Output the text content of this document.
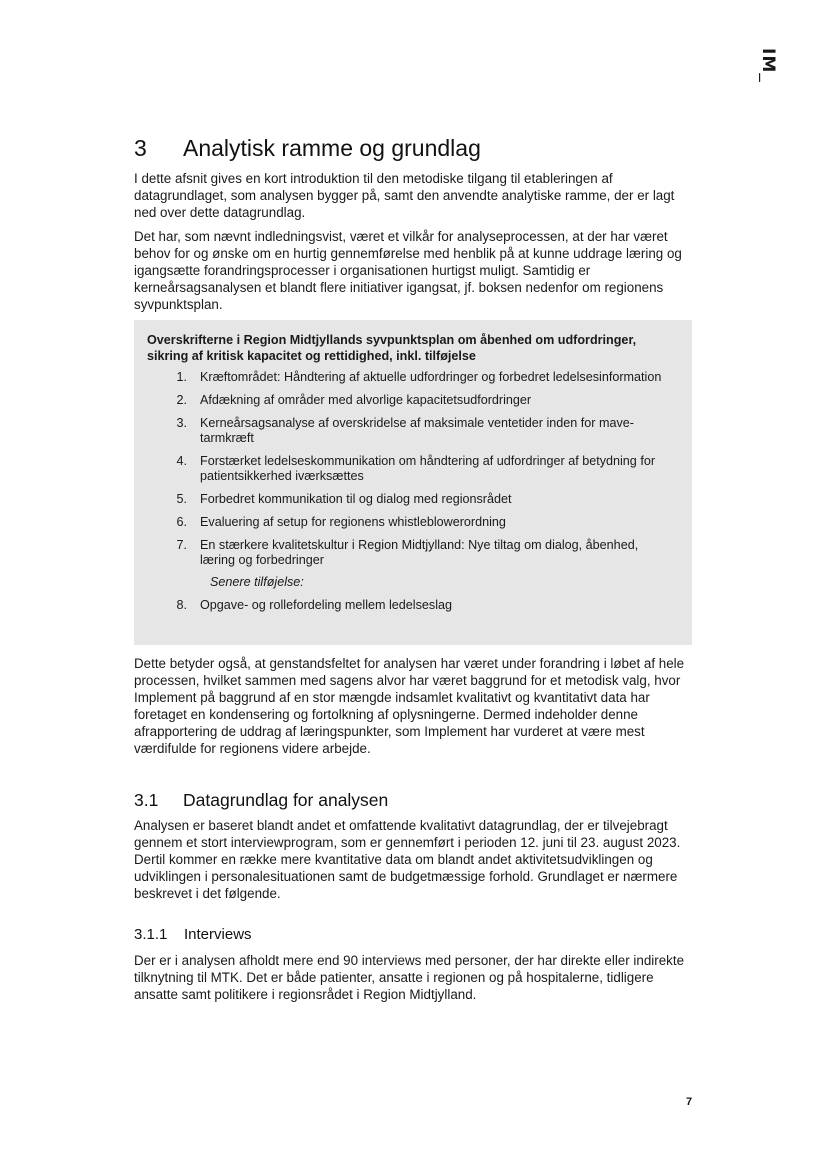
IM_
3 Analytisk ramme og grundlag

I dette afsnit gives en kort introduktion til den metodiske tilgang til etableringen af datagrundlaget, som analysen bygger på, samt den anvendte analytiske ramme, der er lagt ned over dette datagrundlag.

Det har, som nævnt indledningsvist, været et vilkår for analyseprocessen, at der har været behov for og ønske om en hurtig gennemførelse med henblik på at kunne uddrage læring og igangsætte forandringsprocesser i organisationen hurtigst muligt. Samtidig er kerneårsagsanalysen et blandt flere initiativer igangsat, jf. boksen nedenfor om regionens syvpunktsplan.

Overskrifterne i Region Midtjyllands syvpunktsplan om åbenhed om udfordringer, sikring af kritisk kapacitet og rettidighed, inkl. tilføjelse

1.	Kræftområdet: Håndtering af aktuelle udfordringer og forbedret ledelsesinformation
2.	Afdækning af områder med alvorlige kapacitetsudfordringer
3.	Kerneårsagsanalyse af overskridelse af maksimale ventetider inden for mave-tarmkræft
4.	Forstærket ledelseskommunikation om håndtering af udfordringer af betydning for patientsikkerhed iværksættes
5.	Forbedret kommunikation til og dialog med regionsrådet
6.	Evaluering af setup for regionens whistleblowerordning
7.	En stærkere kvalitetskultur i Region Midtjylland: Nye tiltag om dialog, åbenhed, læring og forbedringer
Senere tilføjelse:
8.	Opgave- og rollefordeling mellem ledelseslag

Dette betyder også, at genstandsfeltet for analysen har været under forandring i løbet af hele processen, hvilket sammen med sagens alvor har været baggrund for et metodisk valg, hvor Implement på baggrund af en stor mængde indsamlet kvalitativt og kvantitativt data har foretaget en kondensering og fortolkning af oplysningerne. Dermed indeholder denne afrapportering de uddrag af læringspunkter, som Implement har vurderet at være mest værdifulde for regionens videre arbejde.

3.1 Datagrundlag for analysen

Analysen er baseret blandt andet et omfattende kvalitativt datagrundlag, der er tilvejebragt gennem et stort interviewprogram, som er gennemført i perioden 12. juni til 23. august 2023. Dertil kommer en række mere kvantitative data om blandt andet aktivitetsudviklingen og udviklingen i personalesituationen samt de budgetmæssige forhold. Grundlaget er nærmere beskrevet i det følgende.

3.1.1 Interviews

Der er i analysen afholdt mere end 90 interviews med personer, der har direkte eller indirekte tilknytning til MTK. Det er både patienter, ansatte i regionen og på hospitalerne, tidligere ansatte samt politikere i regionsrådet i Region Midtjylland.

7
